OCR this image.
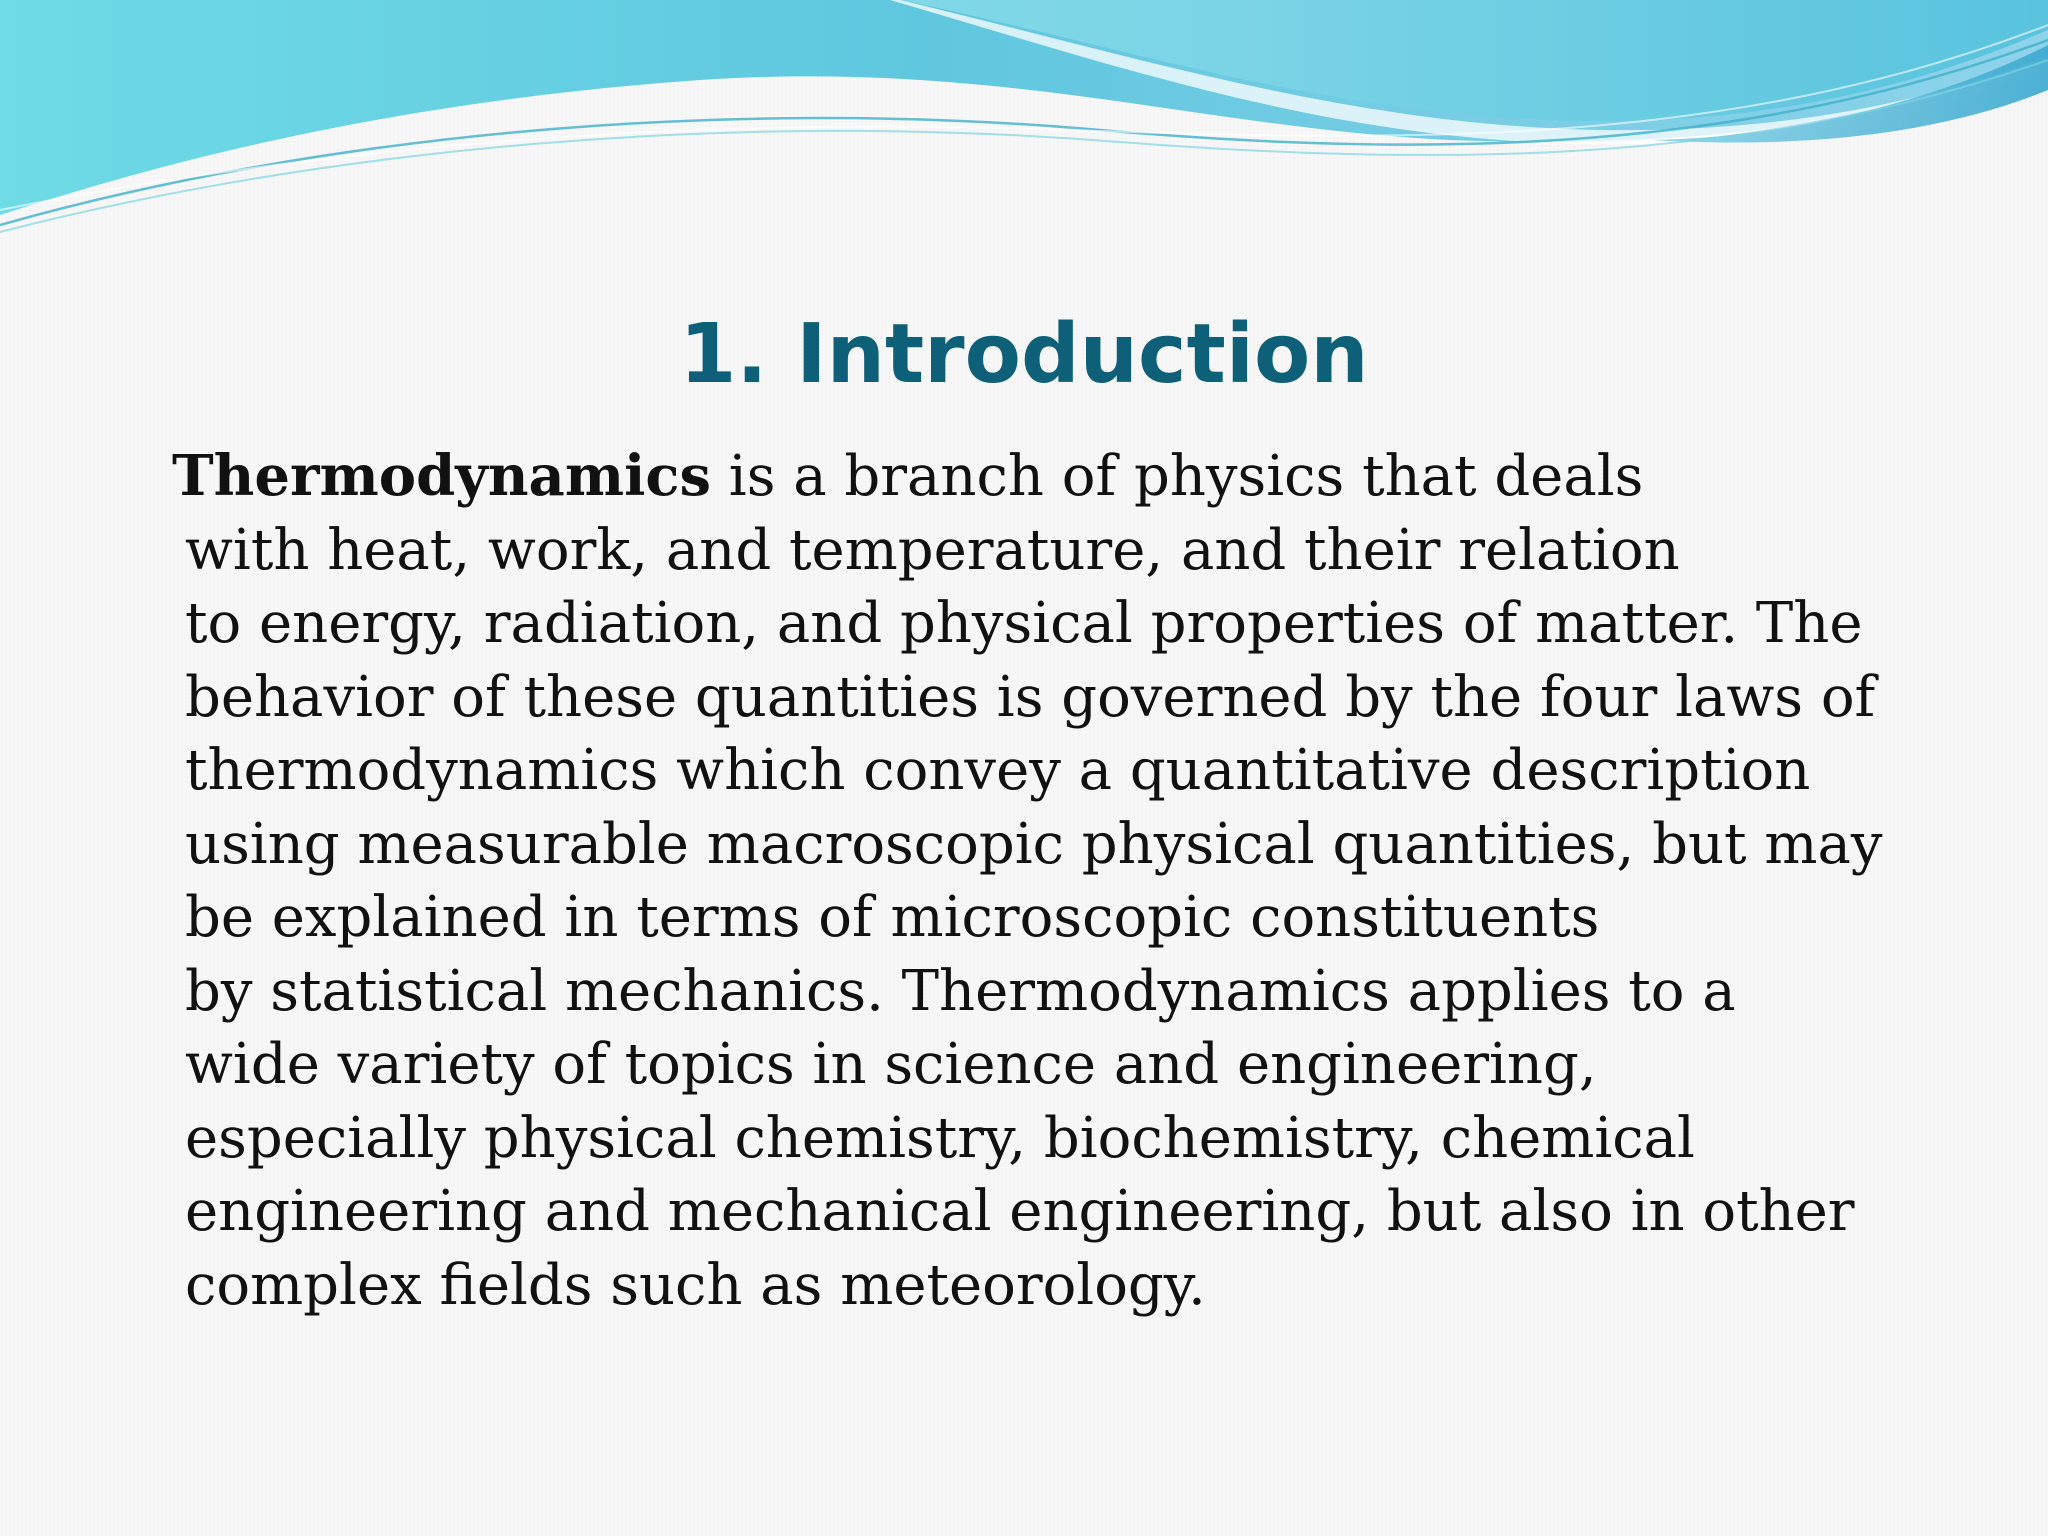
1. Introduction
Thermodynamics is a branch of physics that deals
with heat, work, and temperature, and their relation
to energy, radiation, and physical properties of matter. The
behavior of these quantities is governed by the four laws of
thermodynamics which convey a quantitative description
using measurable macroscopic physical quantities, but may
be explained in terms of microscopic constituents
by statistical mechanics. Thermodynamics applies to a
wide variety of topics in science and engineering,
especially physical chemistry, biochemistry, chemical
engineering and mechanical engineering, but also in other
complex fields such as meteorology.
